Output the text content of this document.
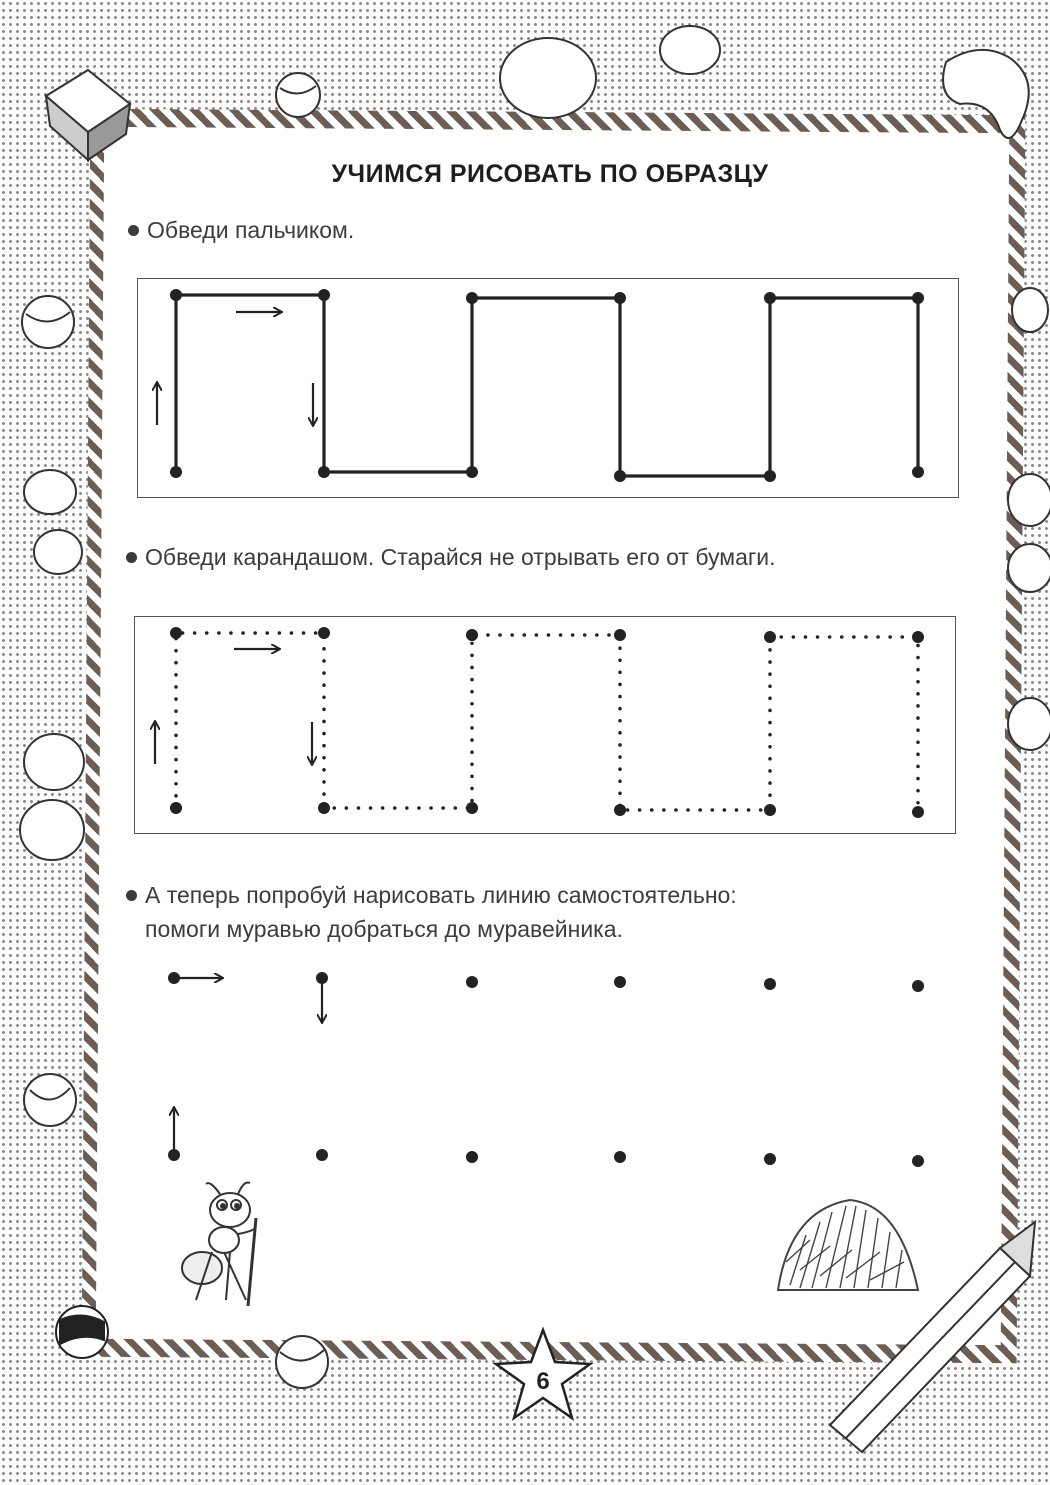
УЧИМСЯ РИСОВАТЬ ПО ОБРАЗЦУ
Обведи пальчиком.
Обведи карандашом. Старайся не отрывать его от бумаги.
А теперь попробуй нарисовать линию самостоятельно:
помоги муравью добраться до муравейника.
6
